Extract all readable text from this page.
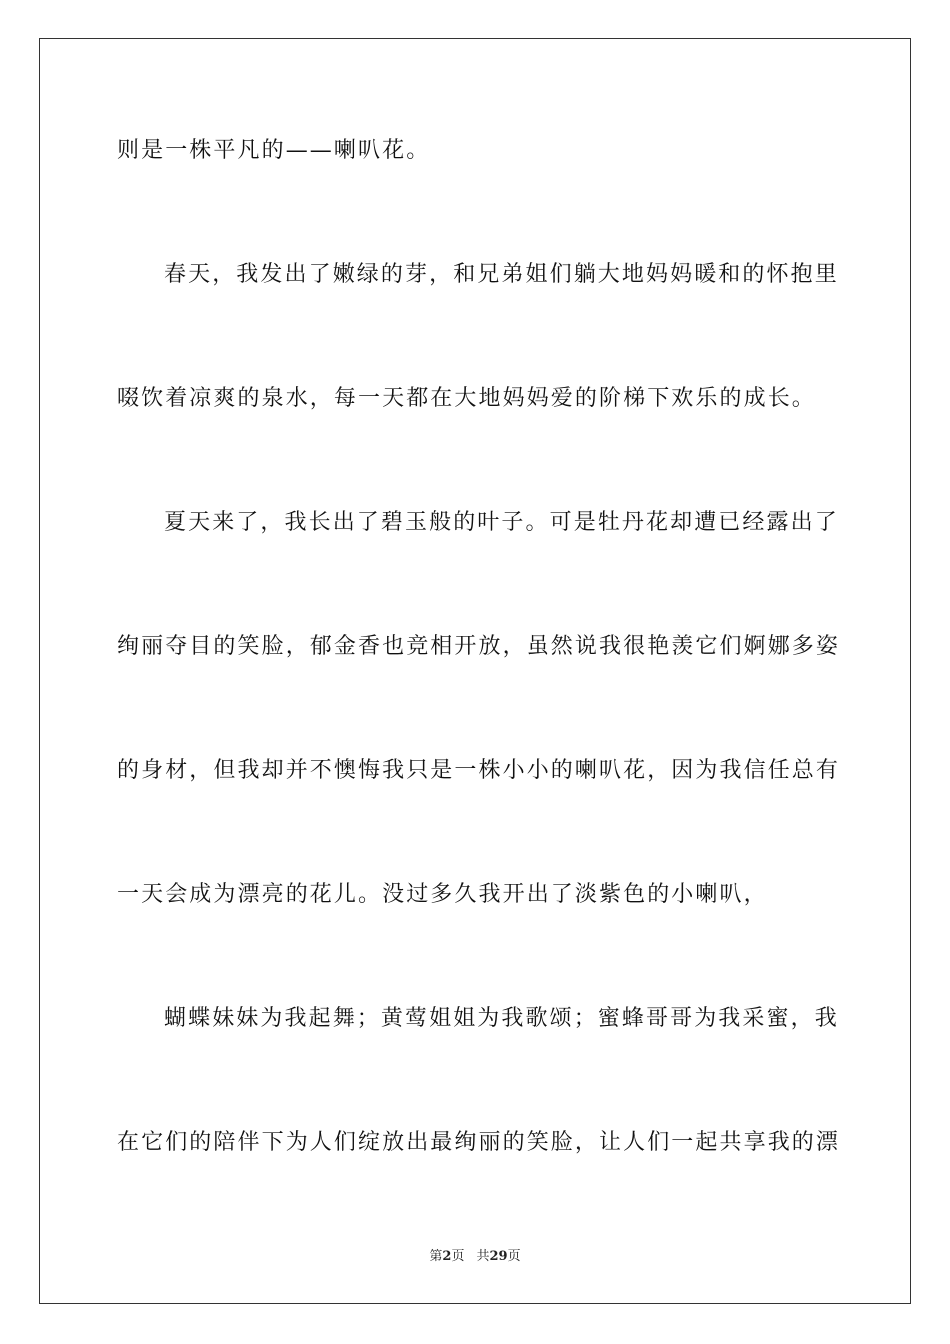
则是一株平凡的——喇叭花。
春天，我发出了嫩绿的芽，和兄弟姐们躺大地妈妈暖和的怀抱里
啜饮着凉爽的泉水，每一天都在大地妈妈爱的阶梯下欢乐的成长。
夏天来了，我长出了碧玉般的叶子。可是牡丹花却遭已经露出了
绚丽夺目的笑脸，郁金香也竞相开放，虽然说我很艳羡它们婀娜多姿
的身材，但我却并不懊悔我只是一株小小的喇叭花，因为我信任总有
一天会成为漂亮的花儿。没过多久我开出了淡紫色的小喇叭，
蝴蝶妹妹为我起舞；黄莺姐姐为我歌颂；蜜蜂哥哥为我采蜜，我
在它们的陪伴下为人们绽放出最绚丽的笑脸，让人们一起共享我的漂
第2页 共29页
